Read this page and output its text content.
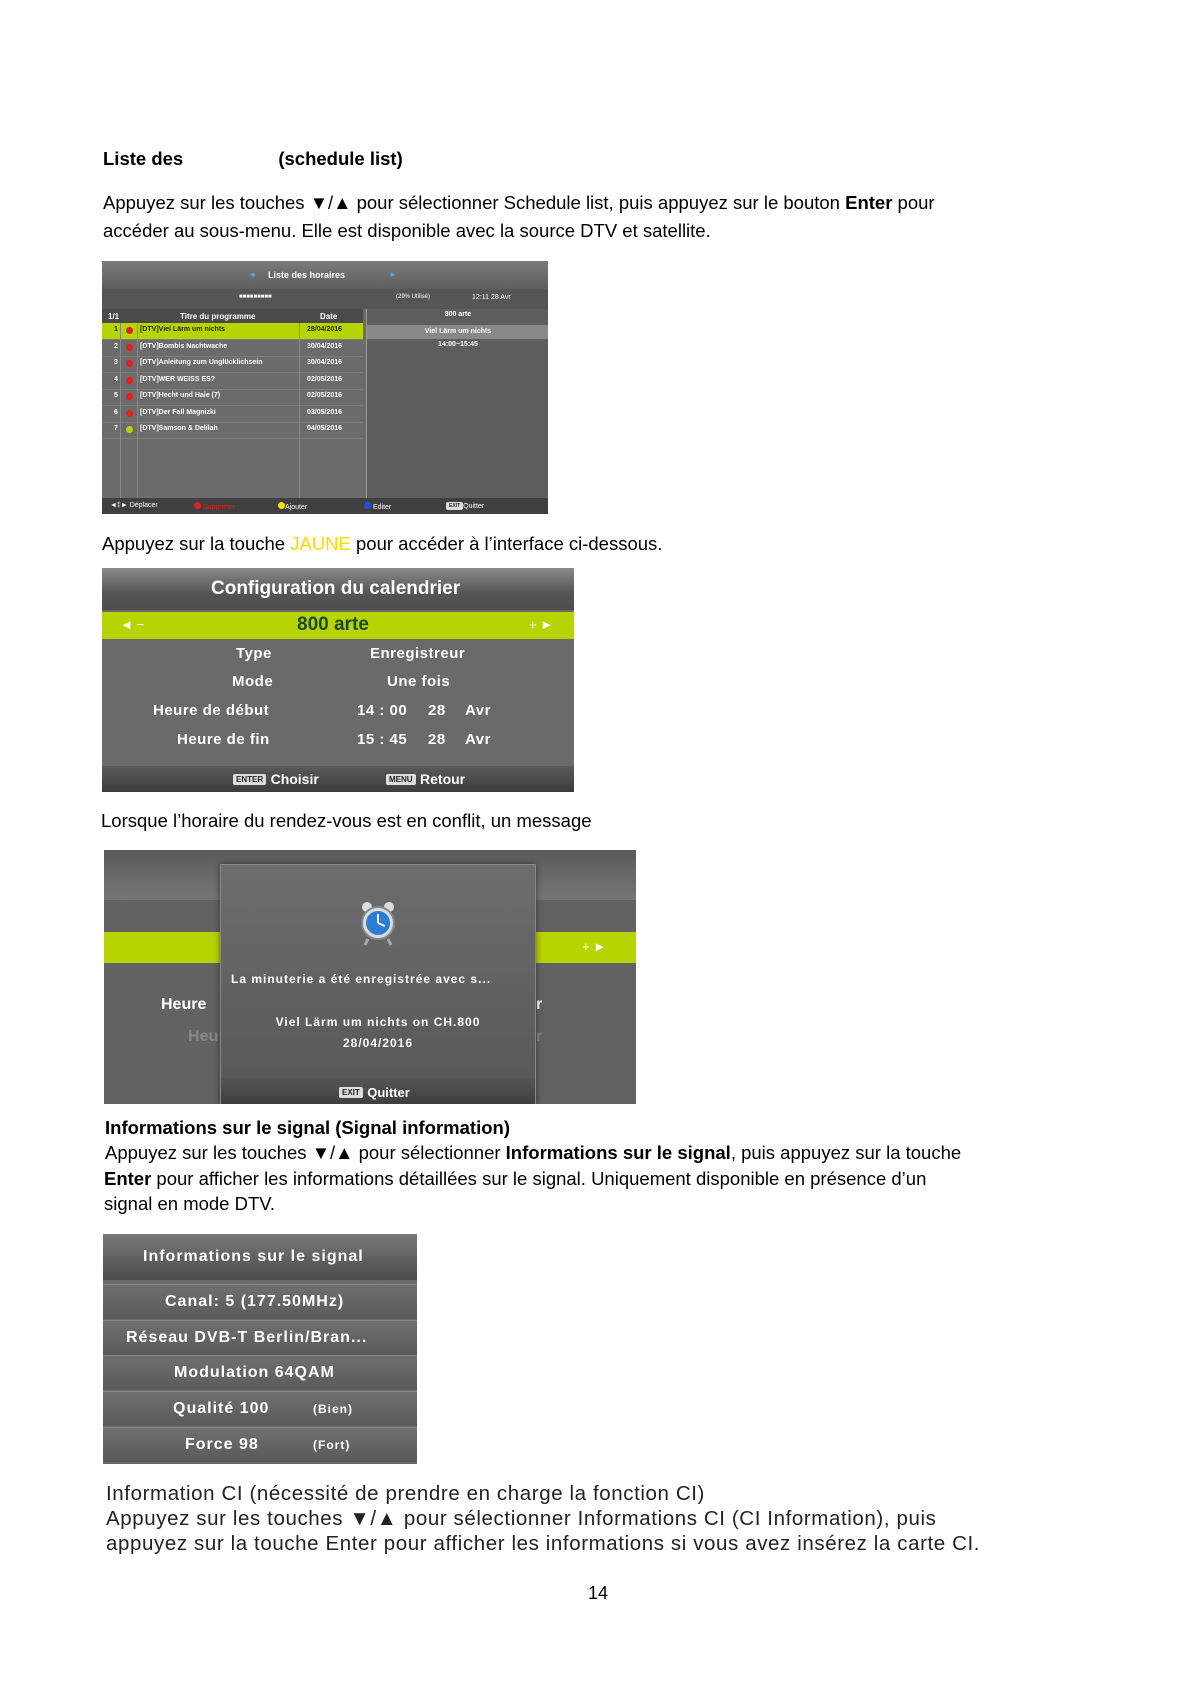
Liste des	(schedule list)
Appuyez sur les touches ▼/▲ pour sélectionner Schedule list, puis appuyez sur le bouton Enter pour
accéder au sous-menu. Elle est disponible avec la source DTV et satellite.
◄ Liste des horaires	►
■■■■■■■■■	(29% Utilisé)	12:11 28 Avr
1/1	Titre du programme	Date
1	[DTV]Viel Lärm um nichts	28/04/2016
2	[DTV]Bombis Nachtwache	30/04/2016
3	[DTV]Anleitung zum Unglücklichsein	30/04/2016
4	[DTV]WER WEISS ES?	02/05/2016
5	[DTV]Hecht und Haie (7)	02/05/2016
6	[DTV]Der Fall Magnizki	03/05/2016
7	[DTV]Samson & Delilah	04/05/2016
800 arte
Viel Lärm um nichts
14:00~15:45
◄‡► Déplacer	Supprimer	Ajouter	Editer	EXIT Quitter
Appuyez sur la touche JAUNE pour accéder à l’interface ci-dessous.
Configuration du calendrier
◄ −	800 arte	+ ►
Type	Enregistreur
Mode	Une fois
Heure de début	14 : 00 28 Avr
Heure de fin	15 : 45 28 Avr
ENTER Choisir	MENU Retour
Lorsque l’horaire du rendez-vous est en conflit, un message
+ ►
Heure
Heu
r
r
La minuterie a été enregistrée avec s...
Viel Lärm um nichts on CH.800
28/04/2016
EXIT Quitter
Informations sur le signal (Signal information)
Appuyez sur les touches ▼/▲ pour sélectionner Informations sur le signal, puis appuyez sur la touche
Enter pour afficher les informations détaillées sur le signal. Uniquement disponible en présence d’un
signal en mode DTV.
Informations sur le signal
Canal: 5 (177.50MHz)
Réseau DVB-T Berlin/Bran...
Modulation 64QAM
Qualité 100	(Bien)
Force 98	(Fort)
Information CI (nécessité de prendre en charge la fonction CI)
Appuyez sur les touches ▼/▲ pour sélectionner Informations CI (CI Information), puis
appuyez sur la touche Enter pour afficher les informations si vous avez insérez la carte CI.
14
